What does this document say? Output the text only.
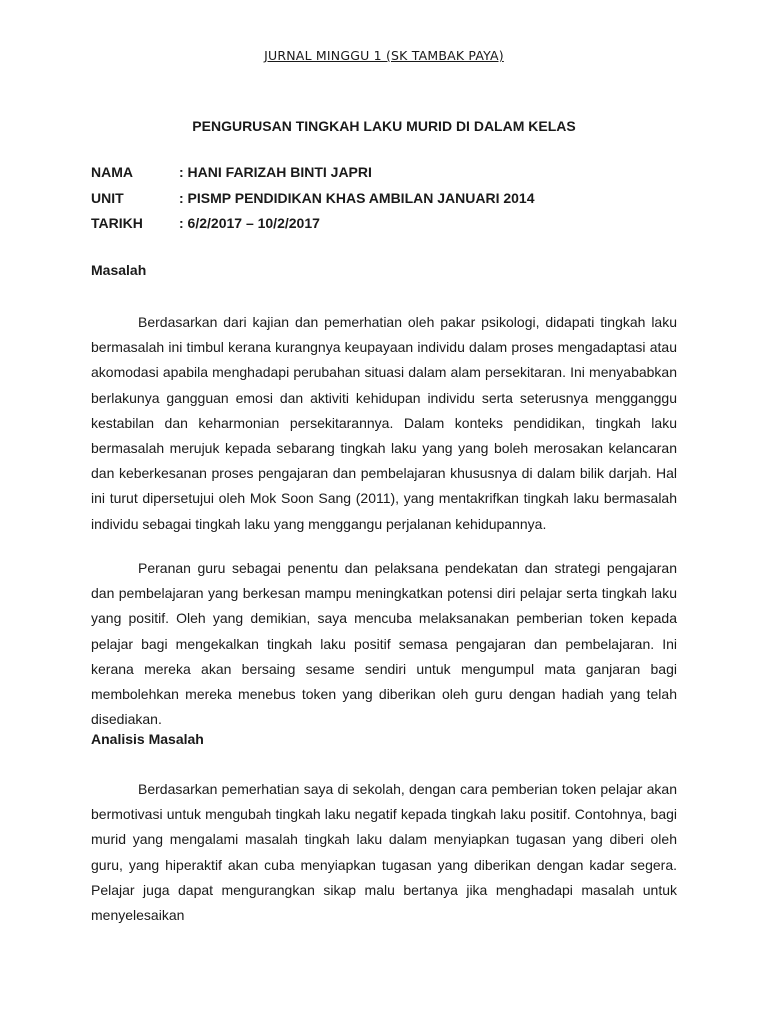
JURNAL MINGGU 1 (SK TAMBAK PAYA)
PENGURUSAN TINGKAH LAKU MURID DI DALAM KELAS
NAMA	: HANI FARIZAH BINTI JAPRI
UNIT	: PISMP PENDIDIKAN KHAS AMBILAN JANUARI 2014
TARIKH	: 6/2/2017 – 10/2/2017
Masalah

Berdasarkan dari kajian dan pemerhatian oleh pakar psikologi, didapati tingkah laku bermasalah ini timbul kerana kurangnya keupayaan individu dalam proses mengadaptasi atau akomodasi apabila menghadapi perubahan situasi dalam alam persekitaran. Ini menyababkan berlakunya gangguan emosi dan aktiviti kehidupan individu serta seterusnya mengganggu kestabilan dan keharmonian persekitarannya. Dalam konteks pendidikan, tingkah laku bermasalah merujuk kepada sebarang tingkah laku yang yang boleh merosakan kelancaran dan keberkesanan proses pengajaran dan pembelajaran khususnya di dalam bilik darjah. Hal ini turut dipersetujui oleh Mok Soon Sang (2011), yang mentakrifkan tingkah laku bermasalah individu sebagai tingkah laku yang menggangu perjalanan kehidupannya.

Peranan guru sebagai penentu dan pelaksana pendekatan dan strategi pengajaran dan pembelajaran yang berkesan mampu meningkatkan potensi diri pelajar serta tingkah laku yang positif. Oleh yang demikian, saya mencuba melaksanakan pemberian token kepada pelajar bagi mengekalkan tingkah laku positif semasa pengajaran dan pembelajaran. Ini kerana mereka akan bersaing sesame sendiri untuk mengumpul mata ganjaran bagi membolehkan mereka menebus token yang diberikan oleh guru dengan hadiah yang telah disediakan.

Analisis Masalah

Berdasarkan pemerhatian saya di sekolah, dengan cara pemberian token pelajar akan bermotivasi untuk mengubah tingkah laku negatif kepada tingkah laku positif. Contohnya, bagi murid yang mengalami masalah tingkah laku dalam menyiapkan tugasan yang diberi oleh guru, yang hiperaktif akan cuba menyiapkan tugasan yang diberikan dengan kadar segera. Pelajar juga dapat mengurangkan sikap malu bertanya jika menghadapi masalah untuk menyelesaikan
